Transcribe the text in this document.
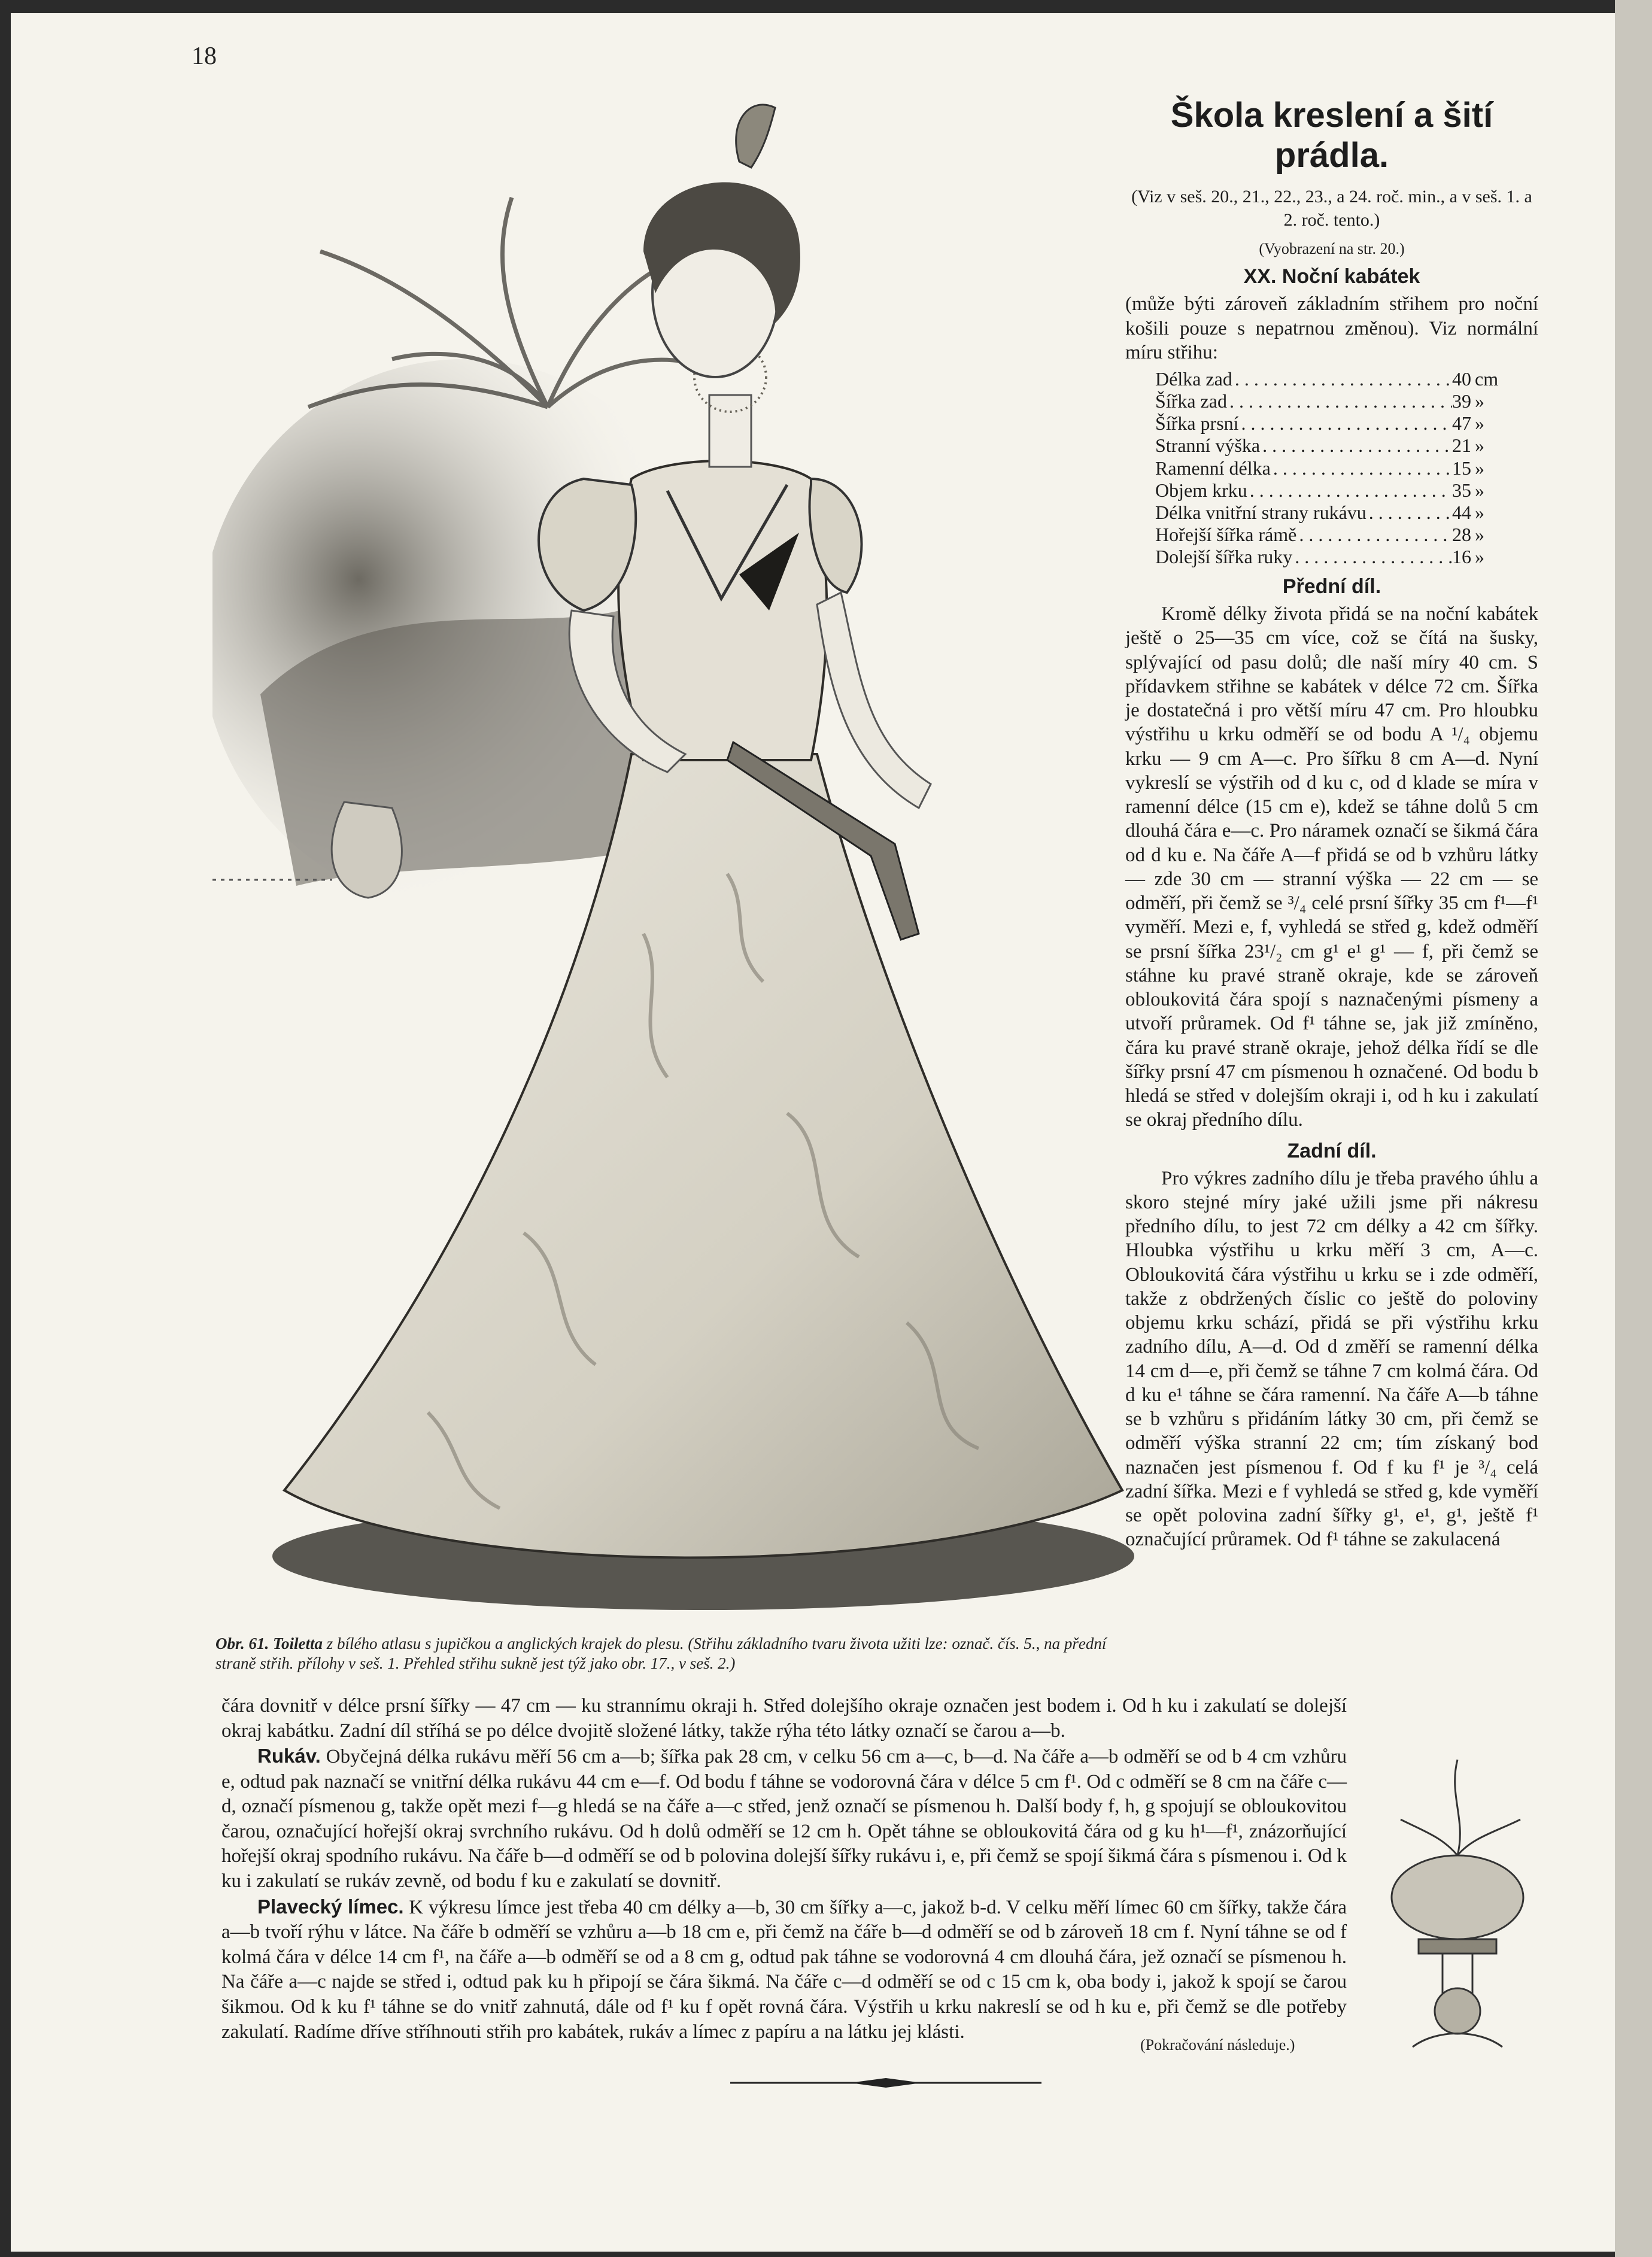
18
Obr. 61. Toiletta z bílého atlasu s jupičkou a anglických krajek do plesu. (Střihu základního tvaru života užiti lze: označ. čís. 5., na přední straně střih. přílohy v seš. 1. Přehled střihu sukně jest týž jako obr. 17., v seš. 2.)
Škola kreslení a šití prádla.
(Viz v seš. 20., 21., 22., 23., a 24. roč. min., a v seš. 1. a 2. roč. tento.)
(Vyobrazení na str. 20.)
XX. Noční kabátek
(může býti zároveň základním střihem pro noční košili pouze s nepatrnou změnou). Viz normální míru střihu:
Délka zad .....	40 cm
Šířka zad .....	39 »
Šířka prsní .....	47 »
Stranní výška .....	21 »
Ramenní délka .....	15 »
Objem krku .....	35 »
Délka vnitřní strany rukávu .....	44 »
Hořejší šířka rámě .....	28 »
Dolejší šířka ruky .....	16 »
Přední díl.
Kromě délky života přidá se na noční kabátek ještě o 25—35 cm více, což se čítá na šusky, splývající od pasu dolů; dle naší míry 40 cm. S přídavkem střihne se kabátek v délce 72 cm. Šířka je dostatečná i pro větší míru 47 cm. Pro hloubku výstřihu u krku odměří se od bodu A ¹/₄ objemu krku — 9 cm A—c. Pro šířku 8 cm A—d. Nyní vykreslí se výstřih od d ku c, od d klade se míra v ramenní délce (15 cm e), kdež se táhne dolů 5 cm dlouhá čára e—c. Pro náramek označí se šikmá čára od d ku e. Na čáře A—f přidá se od b vzhůru látky — zde 30 cm — stranní výška — 22 cm — se odměří, při čemž se ³/₄ celé prsní šířky 35 cm f¹—f¹ vyměří. Mezi e, f, vyhledá se střed g, kdež odměří se prsní šířka 23¹/₂ cm g¹ e¹ g¹ — f, při čemž se stáhne ku pravé straně okraje, kde se zároveň obloukovitá čára spojí s naznačenými písmeny a utvoří průramek. Od f¹ táhne se, jak již zmíněno, čára ku pravé straně okraje, jehož délka řídí se dle šířky prsní 47 cm písmenou h označené. Od bodu b hledá se střed v dolejším okraji i, od h ku i zakulatí se okraj předního dílu.
Zadní díl.
Pro výkres zadního dílu je třeba pravého úhlu a skoro stejné míry jaké užili jsme při nákresu předního dílu, to jest 72 cm délky a 42 cm šířky. Hloubka výstřihu u krku měří 3 cm, A—c. Obloukovitá čára výstřihu u krku se i zde odměří, takže z obdržených číslic co ještě do poloviny objemu krku schází, přidá se při výstřihu krku zadního dílu, A—d. Od d změří se ramenní délka 14 cm d—e, při čemž se táhne 7 cm kolmá čára. Od d ku e¹ táhne se čára ramenní. Na čáře A—b táhne se b vzhůru s přidáním látky 30 cm, při čemž se odměří výška stranní 22 cm; tím získaný bod naznačen jest písmenou f. Od f ku f¹ je ³/₄ celá zadní šířka. Mezi e f vyhledá se střed g, kde vyměří se opět polovina zadní šířky g¹, e¹, g¹, ještě f¹ označující průramek. Od f¹ táhne se zakulacená
čára dovnitř v délce prsní šířky — 47 cm — ku strannímu okraji h. Střed dolejšího okraje označen jest bodem i. Od h ku i zakulatí se dolejší okraj kabátku. Zadní díl stříhá se po délce dvojitě složené látky, takže rýha této látky označí se čarou a—b.
Rukáv. Obyčejná délka rukávu měří 56 cm a—b; šířka pak 28 cm, v celku 56 cm a—c, b—d. Na čáře a—b odměří se od b 4 cm vzhůru e, odtud pak naznačí se vnitřní délka rukávu 44 cm e—f. Od bodu f táhne se vodorovná čára v délce 5 cm f¹. Od c odměří se 8 cm na čáře c—d, označí písmenou g, takže opět mezi f—g hledá se na čáře a—c střed, jenž označí se písmenou h. Další body f, h, g spojují se obloukovitou čarou, označující hořejší okraj svrchního rukávu. Od h dolů odměří se 12 cm h. Opět táhne se obloukovitá čára od g ku h¹—f¹, znázorňující hořejší okraj spodního rukávu. Na čáře b—d odměří se od b polovina dolejší šířky rukávu i, e, při čemž se spojí šikmá čára s písmenou i. Od k ku i zakulatí se rukáv zevně, od bodu f ku e zakulatí se dovnitř.
Plavecký límec. K výkresu límce jest třeba 40 cm délky a—b, 30 cm šířky a—c, jakož b-d. V celku měří límec 60 cm šířky, takže čára a—b tvoří rýhu v látce. Na čáře b odměří se vzhůru a—b 18 cm e, při čemž na čáře b—d odměří se od b zároveň 18 cm f. Nyní táhne se od f kolmá čára v délce 14 cm f¹, na čáře a—b odměří se od a 8 cm g, odtud pak táhne se vodorovná 4 cm dlouhá čára, jež označí se písmenou h. Na čáře a—c najde se střed i, odtud pak ku h připojí se čára šikmá. Na čáře c—d odměří se od c 15 cm k, oba body i, jakož k spojí se čarou šikmou. Od k ku f¹ táhne se do vnitř zahnutá, dále od f¹ ku f opět rovná čára. Výstřih u krku nakreslí se od h ku e, při čemž se dle potřeby zakulatí. Radíme dříve stříhnouti střih pro kabátek, rukáv a límec z papíru a na látku jej klásti.
(Pokračování následuje.)
